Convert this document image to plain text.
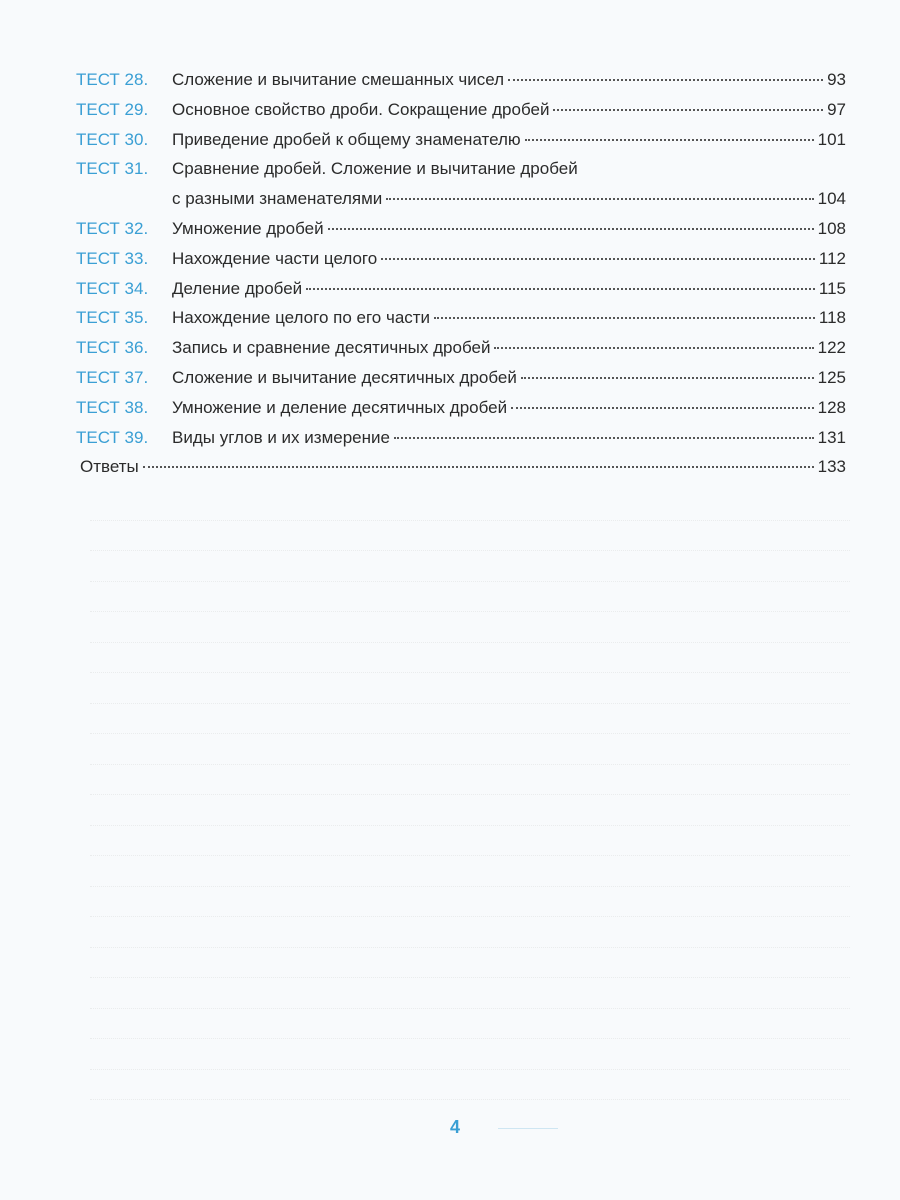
ТЕСТ 28.	Сложение и вычитание смешанных чисел	93
ТЕСТ 29.	Основное свойство дроби. Сокращение дробей	97
ТЕСТ 30.	Приведение дробей к общему знаменателю	101
ТЕСТ 31.	Сравнение дробей. Сложение и вычитание дробей
с разными знаменателями	104
ТЕСТ 32.	Умножение дробей	108
ТЕСТ 33.	Нахождение части целого	112
ТЕСТ 34.	Деление дробей	115
ТЕСТ 35.	Нахождение целого по его части	118
ТЕСТ 36.	Запись и сравнение десятичных дробей	122
ТЕСТ 37.	Сложение и вычитание десятичных дробей	125
ТЕСТ 38.	Умножение и деление десятичных дробей	128
ТЕСТ 39.	Виды углов и их измерение	131
Ответы	133
4
